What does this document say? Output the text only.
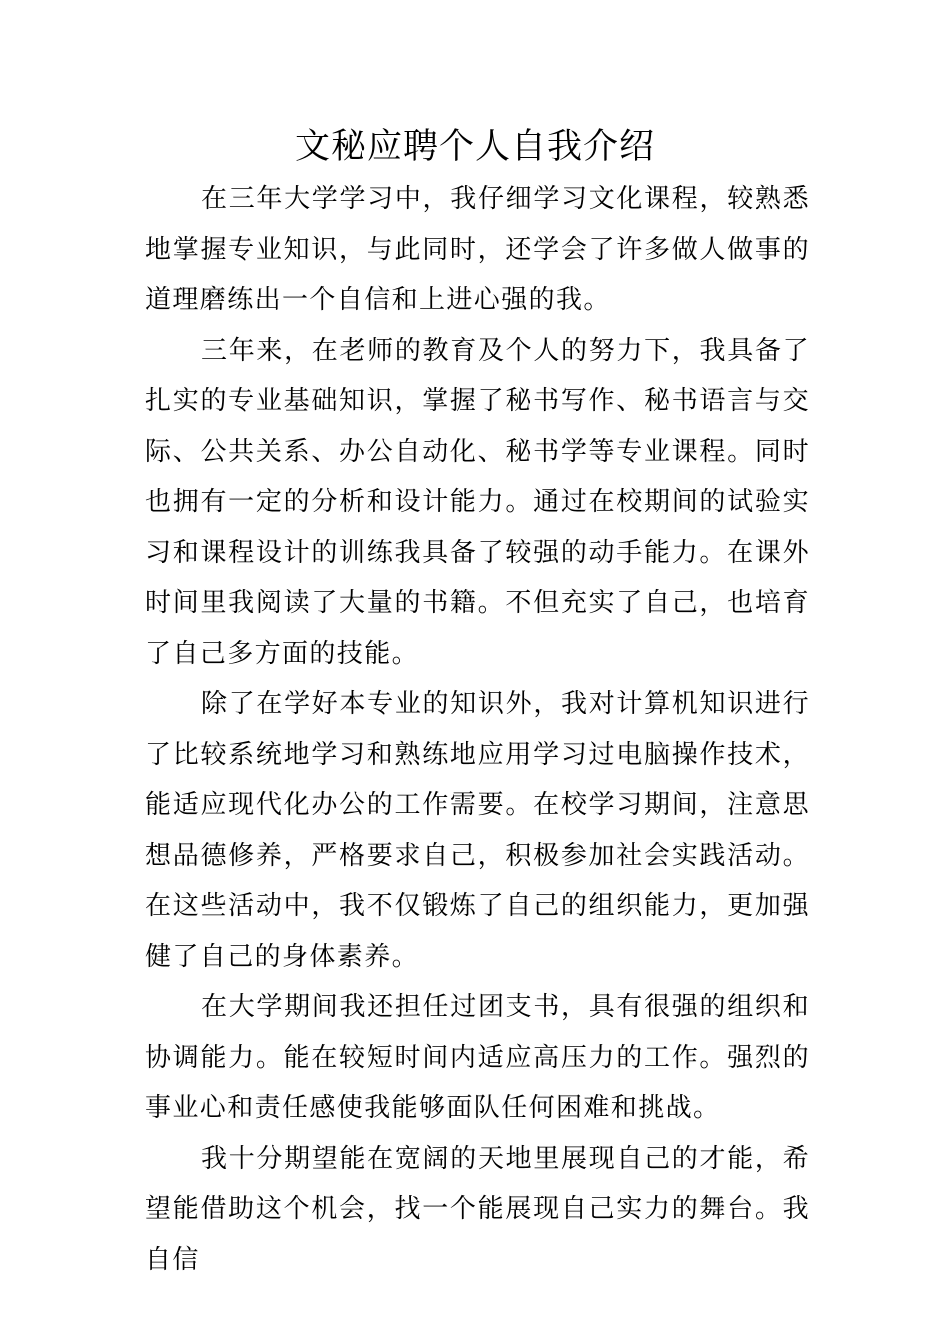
文秘应聘个人自我介绍

在三年大学学习中，我仔细学习文化课程，较熟悉地掌握专业知识，与此同时，还学会了许多做人做事的道理磨练出一个自信和上进心强的我。

三年来，在老师的教育及个人的努力下，我具备了扎实的专业基础知识，掌握了秘书写作、秘书语言与交际、公共关系、办公自动化、秘书学等专业课程。同时也拥有一定的分析和设计能力。通过在校期间的试验实习和课程设计的训练我具备了较强的动手能力。在课外时间里我阅读了大量的书籍。不但充实了自己，也培育了自己多方面的技能。

除了在学好本专业的知识外，我对计算机知识进行了比较系统地学习和熟练地应用学习过电脑操作技术，能适应现代化办公的工作需要。在校学习期间，注意思想品德修养，严格要求自己，积极参加社会实践活动。在这些活动中，我不仅锻炼了自己的组织能力，更加强健了自己的身体素养。

在大学期间我还担任过团支书，具有很强的组织和协调能力。能在较短时间内适应高压力的工作。强烈的事业心和责任感使我能够面队任何困难和挑战。

我十分期望能在宽阔的天地里展现自己的才能，希望能借助这个机会，找一个能展现自己实力的舞台。我自信
